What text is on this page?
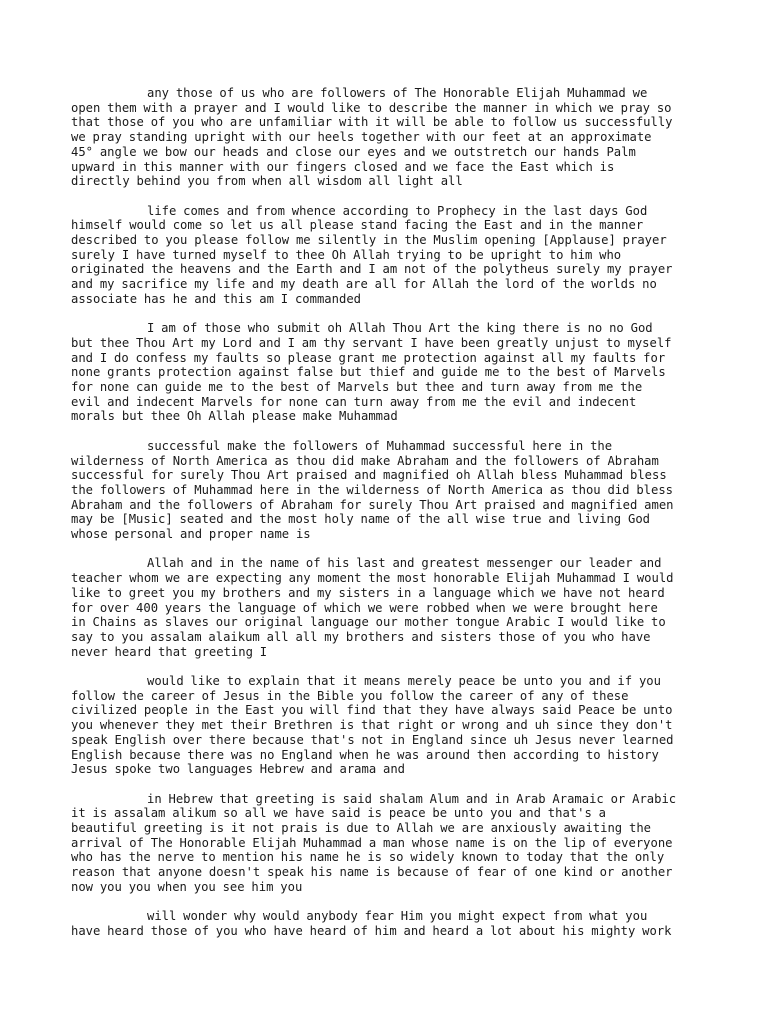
any those of us who are followers of The Honorable Elijah Muhammad we
open them with a prayer and I would like to describe the manner in which we pray so
that those of you who are unfamiliar with it will be able to follow us successfully
we pray standing upright with our heels together with our feet at an approximate
45° angle we bow our heads and close our eyes and we outstretch our hands Palm
upward in this manner with our fingers closed and we face the East which is
directly behind you from when all wisdom all light all
life comes and from whence according to Prophecy in the last days God
himself would come so let us all please stand facing the East and in the manner
described to you please follow me silently in the Muslim opening [Applause] prayer
surely I have turned myself to thee Oh Allah trying to be upright to him who
originated the heavens and the Earth and I am not of the polytheus surely my prayer
and my sacrifice my life and my death are all for Allah the lord of the worlds no
associate has he and this am I commanded
I am of those who submit oh Allah Thou Art the king there is no no God
but thee Thou Art my Lord and I am thy servant I have been greatly unjust to myself
and I do confess my faults so please grant me protection against all my faults for
none grants protection against false but thief and guide me to the best of Marvels
for none can guide me to the best of Marvels but thee and turn away from me the
evil and indecent Marvels for none can turn away from me the evil and indecent
morals but thee Oh Allah please make Muhammad
successful make the followers of Muhammad successful here in the
wilderness of North America as thou did make Abraham and the followers of Abraham
successful for surely Thou Art praised and magnified oh Allah bless Muhammad bless
the followers of Muhammad here in the wilderness of North America as thou did bless
Abraham and the followers of Abraham for surely Thou Art praised and magnified amen
may be [Music] seated and the most holy name of the all wise true and living God
whose personal and proper name is
Allah and in the name of his last and greatest messenger our leader and
teacher whom we are expecting any moment the most honorable Elijah Muhammad I would
like to greet you my brothers and my sisters in a language which we have not heard
for over 400 years the language of which we were robbed when we were brought here
in Chains as slaves our original language our mother tongue Arabic I would like to
say to you assalam alaikum all all my brothers and sisters those of you who have
never heard that greeting I
would like to explain that it means merely peace be unto you and if you
follow the career of Jesus in the Bible you follow the career of any of these
civilized people in the East you will find that they have always said Peace be unto
you whenever they met their Brethren is that right or wrong and uh since they don't
speak English over there because that's not in England since uh Jesus never learned
English because there was no England when he was around then according to history
Jesus spoke two languages Hebrew and arama and
in Hebrew that greeting is said shalam Alum and in Arab Aramaic or Arabic
it is assalam alikum so all we have said is peace be unto you and that's a
beautiful greeting is it not prais is due to Allah we are anxiously awaiting the
arrival of The Honorable Elijah Muhammad a man whose name is on the lip of everyone
who has the nerve to mention his name he is so widely known to today that the only
reason that anyone doesn't speak his name is because of fear of one kind or another
now you you when you see him you
will wonder why would anybody fear Him you might expect from what you
have heard those of you who have heard of him and heard a lot about his mighty work
